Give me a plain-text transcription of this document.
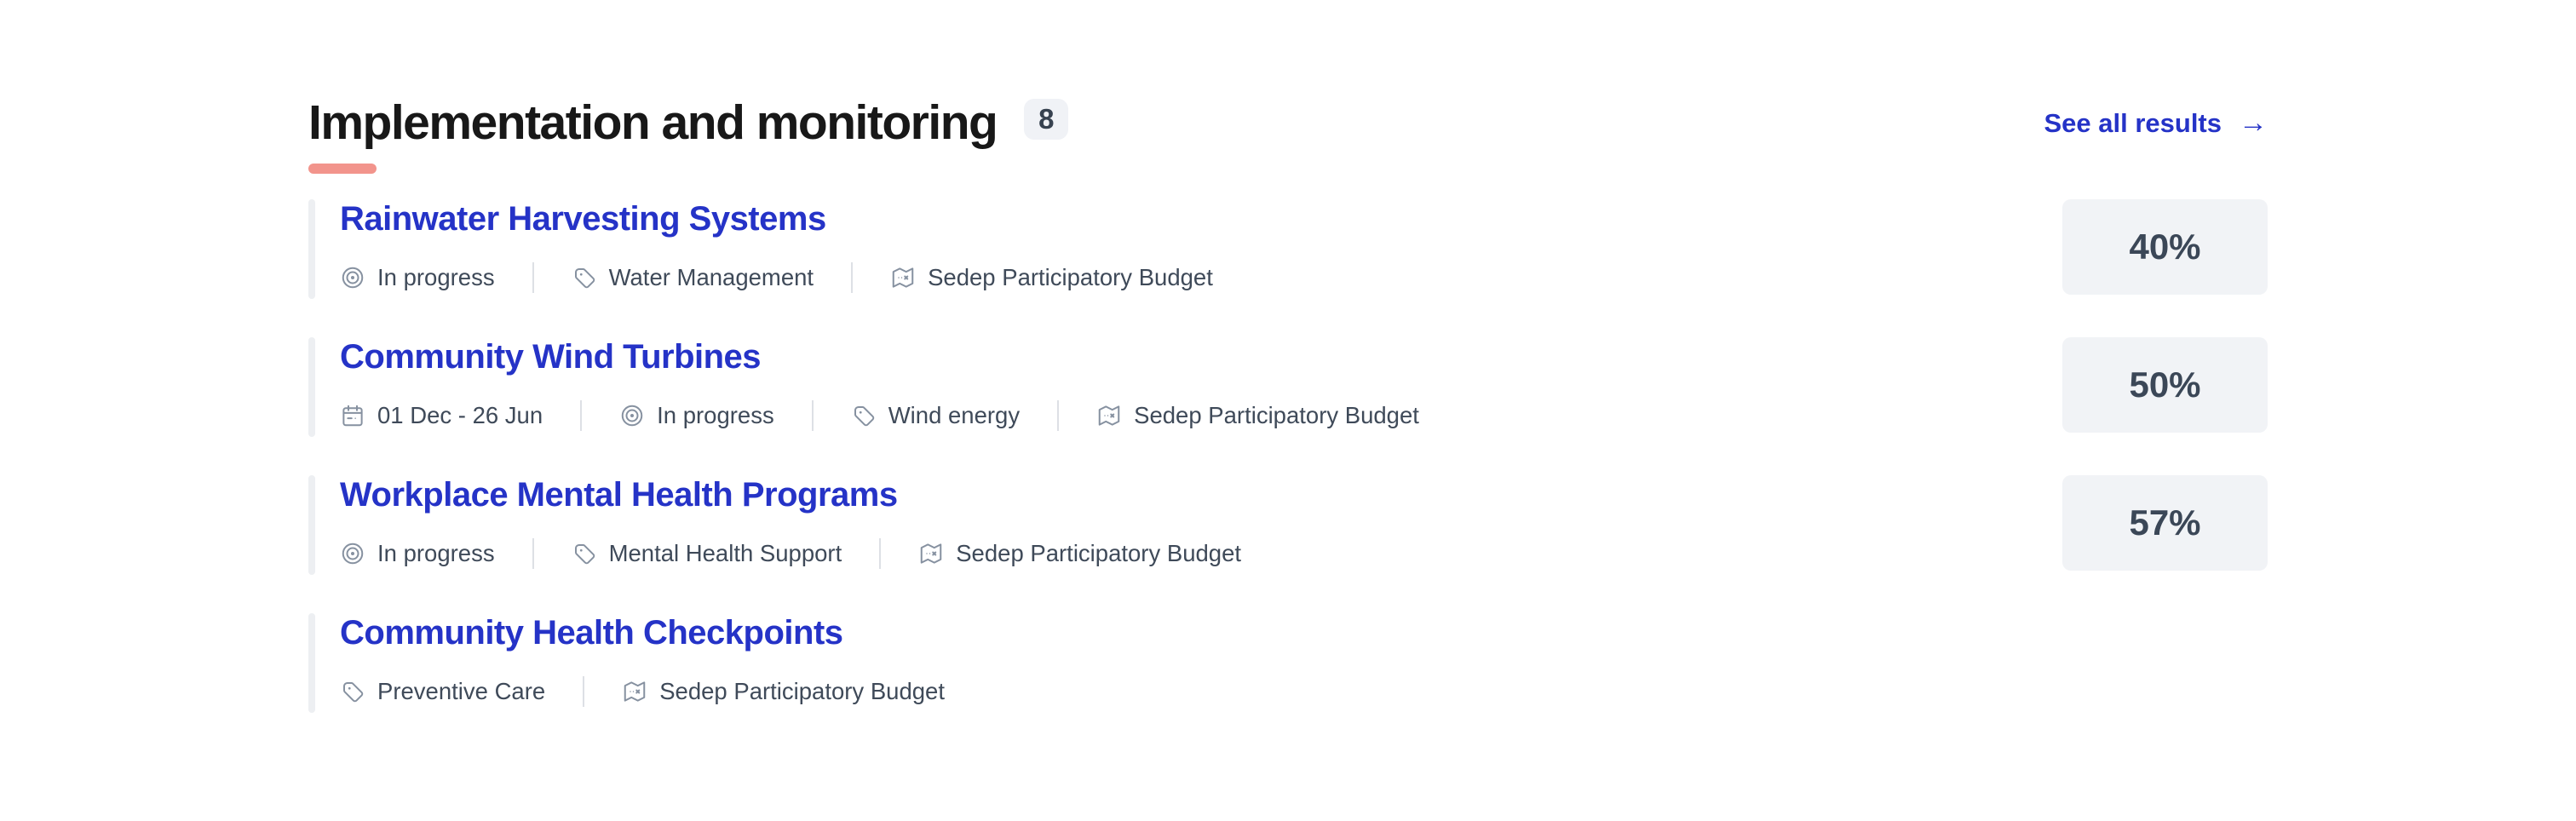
Implementation and monitoring	8	See all results →
Rainwater Harvesting Systems
In progress	Water Management	Sedep Participatory Budget
40%
Community Wind Turbines
01 Dec - 26 Jun	In progress	Wind energy	Sedep Participatory Budget
50%
Workplace Mental Health Programs
In progress	Mental Health Support	Sedep Participatory Budget
57%
Community Health Checkpoints
Preventive Care	Sedep Participatory Budget
